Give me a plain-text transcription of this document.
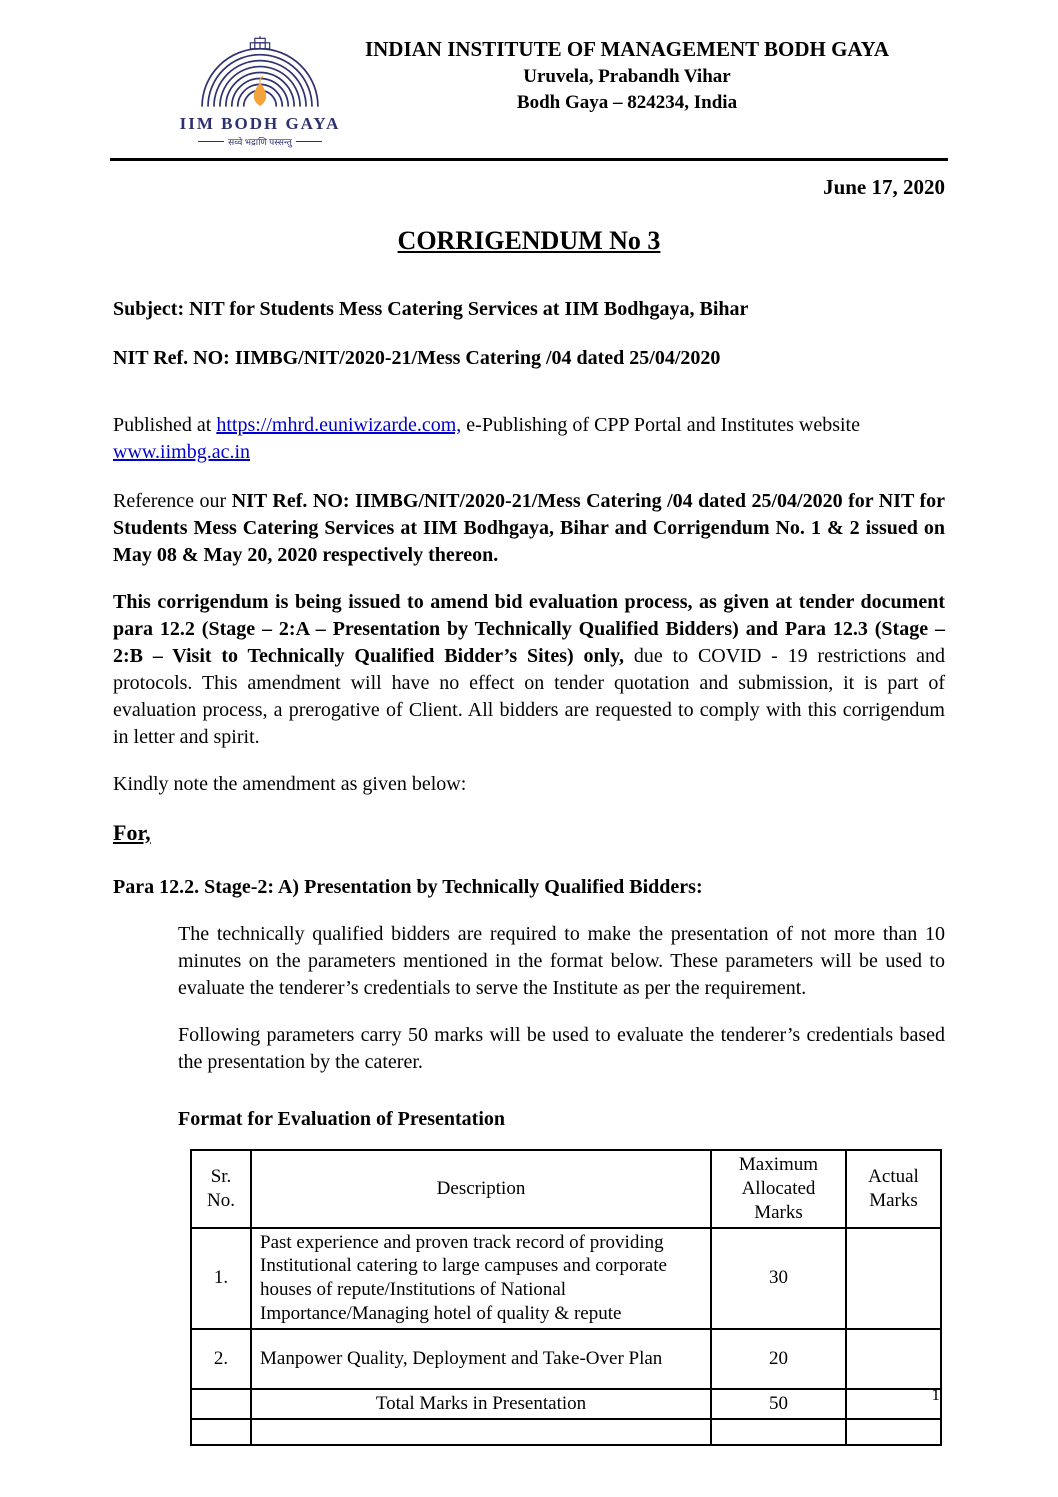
IIM BODH GAYA
सव्वे भद्राणि पस्सन्तु
INDIAN INSTITUTE OF MANAGEMENT BODH GAYA
Uruvela, Prabandh Vihar
Bodh Gaya – 824234, India
June 17, 2020
CORRIGENDUM No 3

Subject: NIT for Students Mess Catering Services at IIM Bodhgaya, Bihar

NIT Ref. NO: IIMBG/NIT/2020-21/Mess Catering /04 dated 25/04/2020

Published at https://mhrd.euniwizarde.com, e-Publishing of CPP Portal and Institutes website www.iimbg.ac.in

Reference our NIT Ref. NO: IIMBG/NIT/2020-21/Mess Catering /04 dated 25/04/2020 for NIT for Students Mess Catering Services at IIM Bodhgaya, Bihar and Corrigendum No. 1 & 2 issued on May 08 & May 20, 2020 respectively thereon.

This corrigendum is being issued to amend bid evaluation process, as given at tender document para 12.2 (Stage – 2:A – Presentation by Technically Qualified Bidders) and Para 12.3 (Stage – 2:B – Visit to Technically Qualified Bidder’s Sites) only, due to COVID - 19 restrictions and protocols. This amendment will have no effect on tender quotation and submission, it is part of evaluation process, a prerogative of Client. All bidders are requested to comply with this corrigendum in letter and spirit.

Kindly note the amendment as given below:

For,

Para 12.2. Stage-2: A) Presentation by Technically Qualified Bidders:

The technically qualified bidders are required to make the presentation of not more than 10 minutes on the parameters mentioned in the format below. These parameters will be used to evaluate the tenderer’s credentials to serve the Institute as per the requirement.

Following parameters carry 50 marks will be used to evaluate the tenderer’s credentials based the presentation by the caterer.

Format for Evaluation of Presentation

Sr. No.	Description	Maximum Allocated Marks	Actual Marks
1.	Past experience and proven track record of providing Institutional catering to large campuses and corporate houses of repute/Institutions of National Importance/Managing hotel of quality & repute	30	
2.	Manpower Quality, Deployment and Take-Over Plan	20	
	Total Marks in Presentation	50	
				1
